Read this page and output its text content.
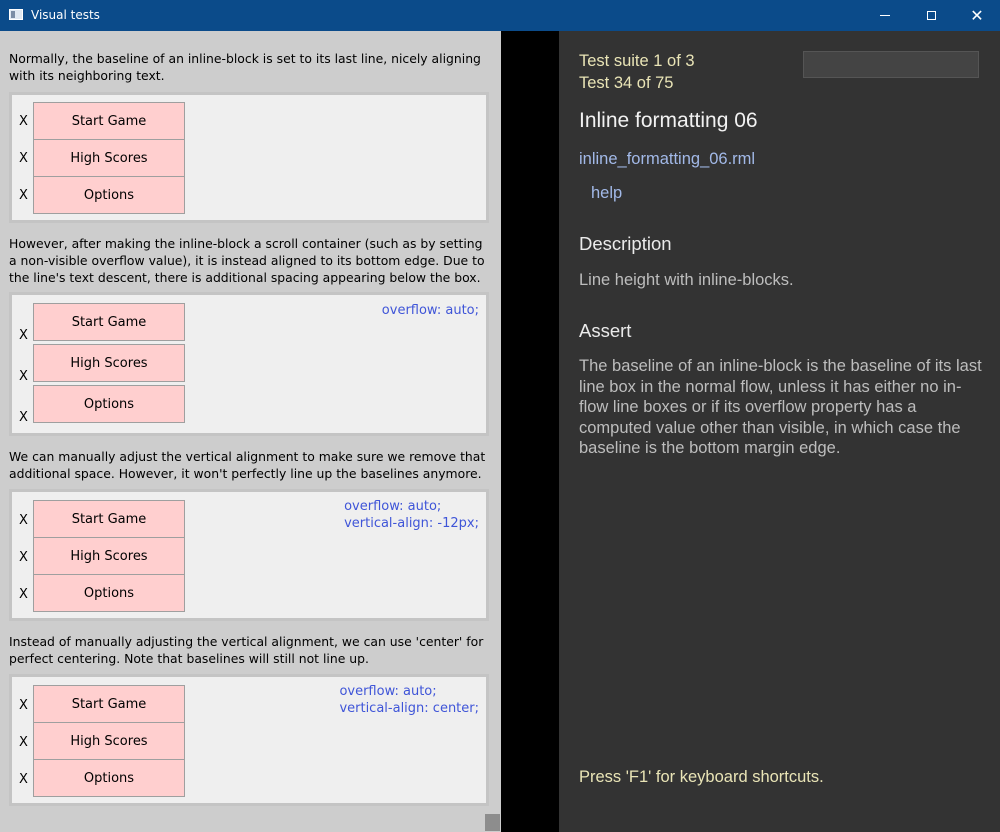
Visual tests	✕
Normally, the baseline of an inline-block is set to its last line, nicely aligning with its neighboring text.
X
X
X
Start Game
High Scores
Options
However, after making the inline-block a scroll container (such as by setting a non-visible overflow value), it is instead aligned to its bottom edge. Due to the line's text descent, there is additional spacing appearing below the box.
overflow: auto;
X
X
Start Game
High Scores
X
Options
We can manually adjust the vertical alignment to make sure we remove that additional space. However, it won't perfectly line up the baselines anymore.
overflow: auto;
vertical-align: -12px;
X
X
X
Start Game
High Scores
Options
Instead of manually adjusting the vertical alignment, we can use 'center' for perfect centering. Note that baselines will still not line up.
overflow: auto;
vertical-align: center;
X
X
X
Start Game
High Scores
Options
Test suite 1 of 3
Test 34 of 75
Inline formatting 06
inline_formatting_06.rml
help
Description
Line height with inline-blocks.
Assert
The baseline of an inline-block is the baseline of its last line box in the normal flow, unless it has either no in-flow line boxes or if its overflow property has a computed value other than visible, in which case the baseline is the bottom margin edge.
Press 'F1' for keyboard shortcuts.
